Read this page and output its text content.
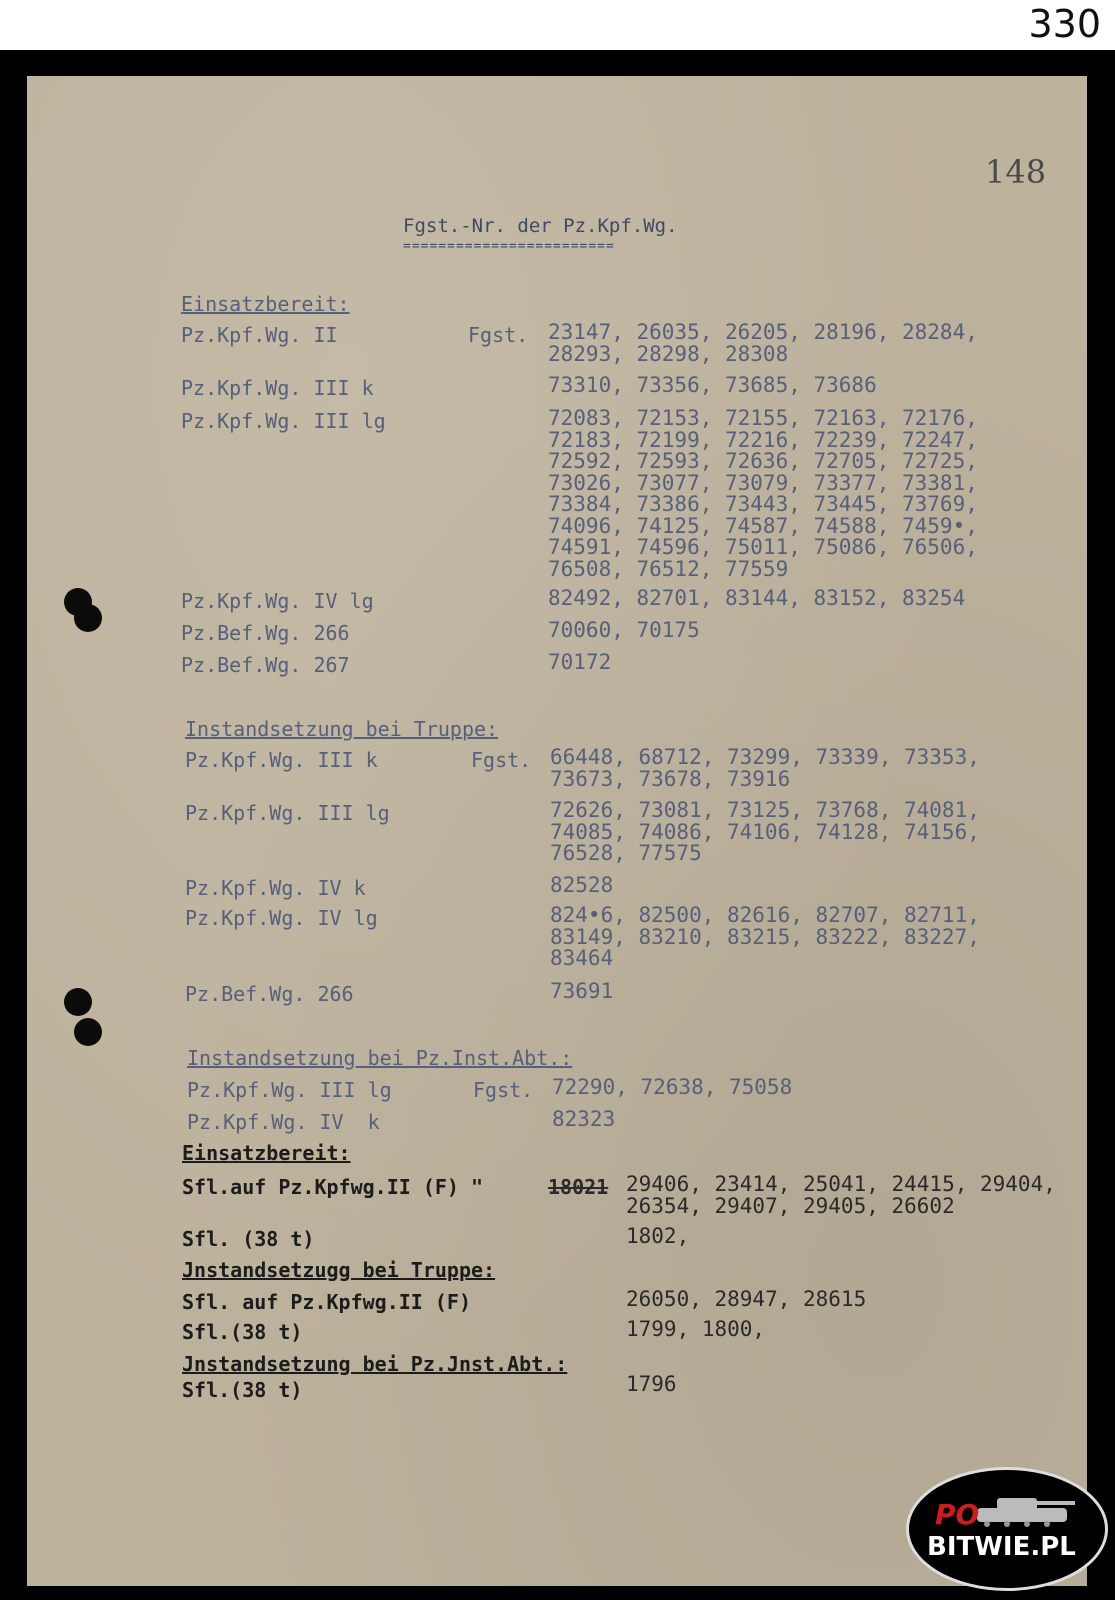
330
148
Fgst.-Nr. der Pz.Kpf.Wg.
========================
Einsatzbereit:
Pz.Kpf.Wg. II	Fgst. 23147, 26035, 26205, 28196, 28284,
28293, 28298, 28308
Pz.Kpf.Wg. III k	73310, 73356, 73685, 73686
Pz.Kpf.Wg. III lg	72083, 72153, 72155, 72163, 72176,
72183, 72199, 72216, 72239, 72247,
72592, 72593, 72636, 72705, 72725,
73026, 73077, 73079, 73377, 73381,
73384, 73386, 73443, 73445, 73769,
74096, 74125, 74587, 74588, 7459•,
74591, 74596, 75011, 75086, 76506,
76508, 76512, 77559
Pz.Kpf.Wg. IV lg	82492, 82701, 83144, 83152, 83254
Pz.Bef.Wg. 266	70060, 70175
Pz.Bef.Wg. 267	70172
Instandsetzung bei Truppe:
Pz.Kpf.Wg. III k	Fgst. 66448, 68712, 73299, 73339, 73353,
73673, 73678, 73916
Pz.Kpf.Wg. III lg	72626, 73081, 73125, 73768, 74081,
74085, 74086, 74106, 74128, 74156,
76528, 77575
Pz.Kpf.Wg. IV k	82528
Pz.Kpf.Wg. IV lg	824•6, 82500, 82616, 82707, 82711,
83149, 83210, 83215, 83222, 83227,
83464
Pz.Bef.Wg. 266	73691
Instandsetzung bei Pz.Inst.Abt.:
Pz.Kpf.Wg. III lg	Fgst. 72290, 72638, 75058
Pz.Kpf.Wg. IV  k	82323
Einsatzbereit:
Sfl.auf Pz.Kpfwg.II (F) "	18021 29406, 23414, 25041, 24415, 29404,
26354, 29407, 29405, 26602
Sfl. (38 t)	1802,
Jnstandsetzugg bei Truppe:
Sfl. auf Pz.Kpfwg.II (F)	26050, 28947, 28615
Sfl.(38 t)	1799, 1800,
Jnstandsetzung bei Pz.Jnst.Abt.:
Sfl.(38 t)	1796
PO
BITWIE.PL
